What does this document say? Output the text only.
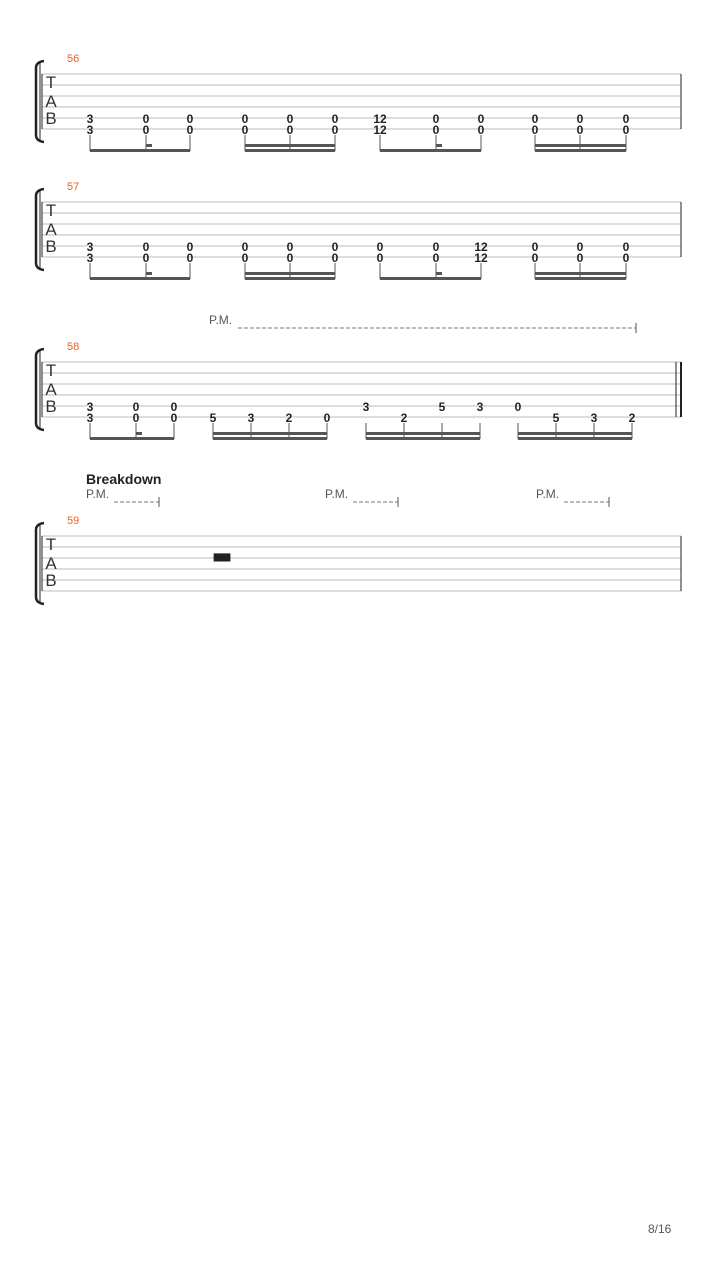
T
A
B
56
3
3
0
0
0
0
0
0
0
0
0
0
12
12
0
0
0
0
0
0
0
0
0
0
T
A
B
57
3
3
0
0
0
0
0
0
0
0
0
0
0
0
0
0
12
12
0
0
0
0
0
0
T
A
B
58
P.M.
3
3
0
0
0
0	5	3	2	0
3
2
5	3	0
5	3	2
T
A
B
59
Breakdown
P.M.	P.M.	P.M.
▬
8/16
